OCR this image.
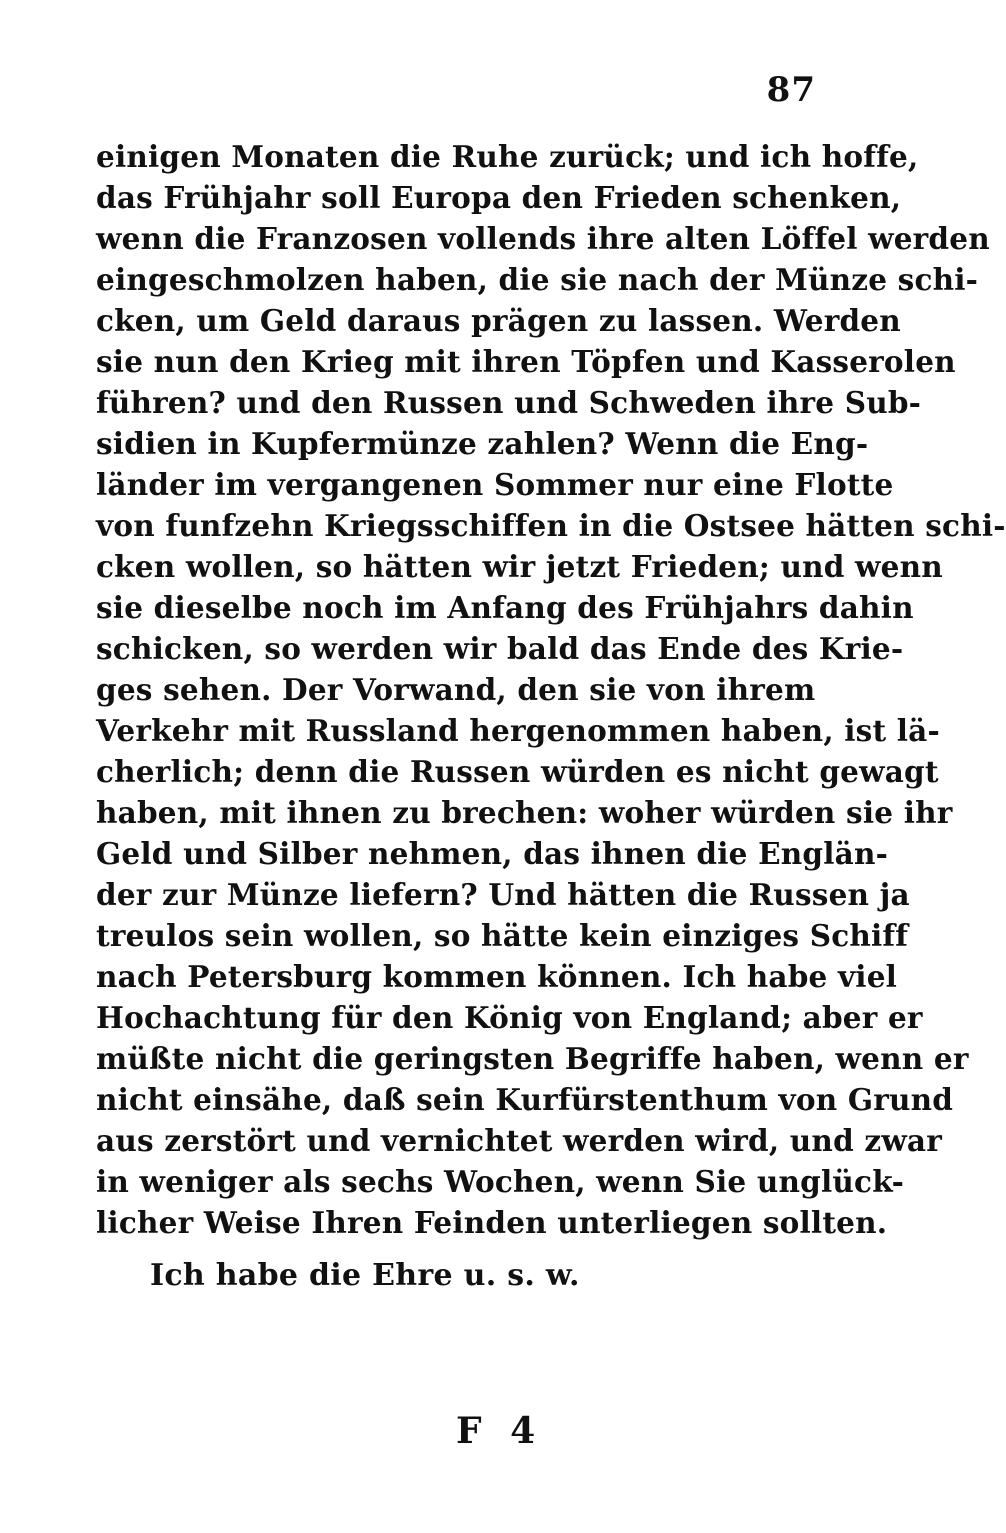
87
einigen Monaten die Ruhe zurück; und ich hoffe,
das Frühjahr soll Europa den Frieden schenken,
wenn die Franzosen vollends ihre alten Löffel werden
eingeschmolzen haben, die sie nach der Münze schi-
cken, um Geld daraus prägen zu lassen. Werden
sie nun den Krieg mit ihren Töpfen und Kasserolen
führen? und den Russen und Schweden ihre Sub-
sidien in Kupfermünze zahlen? Wenn die Eng-
länder im vergangenen Sommer nur eine Flotte
von funfzehn Kriegsschiffen in die Ostsee hätten schi-
cken wollen, so hätten wir jetzt Frieden; und wenn
sie dieselbe noch im Anfang des Frühjahrs dahin
schicken, so werden wir bald das Ende des Krie-
ges sehen. Der Vorwand, den sie von ihrem
Verkehr mit Russland hergenommen haben, ist lä-
cherlich; denn die Russen würden es nicht gewagt
haben, mit ihnen zu brechen: woher würden sie ihr
Geld und Silber nehmen, das ihnen die Englän-
der zur Münze liefern? Und hätten die Russen ja
treulos sein wollen, so hätte kein einziges Schiff
nach Petersburg kommen können. Ich habe viel
Hochachtung für den König von England; aber er
müßte nicht die geringsten Begriffe haben, wenn er
nicht einsähe, daß sein Kurfürstenthum von Grund
aus zerstört und vernichtet werden wird, und zwar
in weniger als sechs Wochen, wenn Sie unglück-
licher Weise Ihren Feinden unterliegen sollten.
Ich habe die Ehre u. s. w.
F 4
